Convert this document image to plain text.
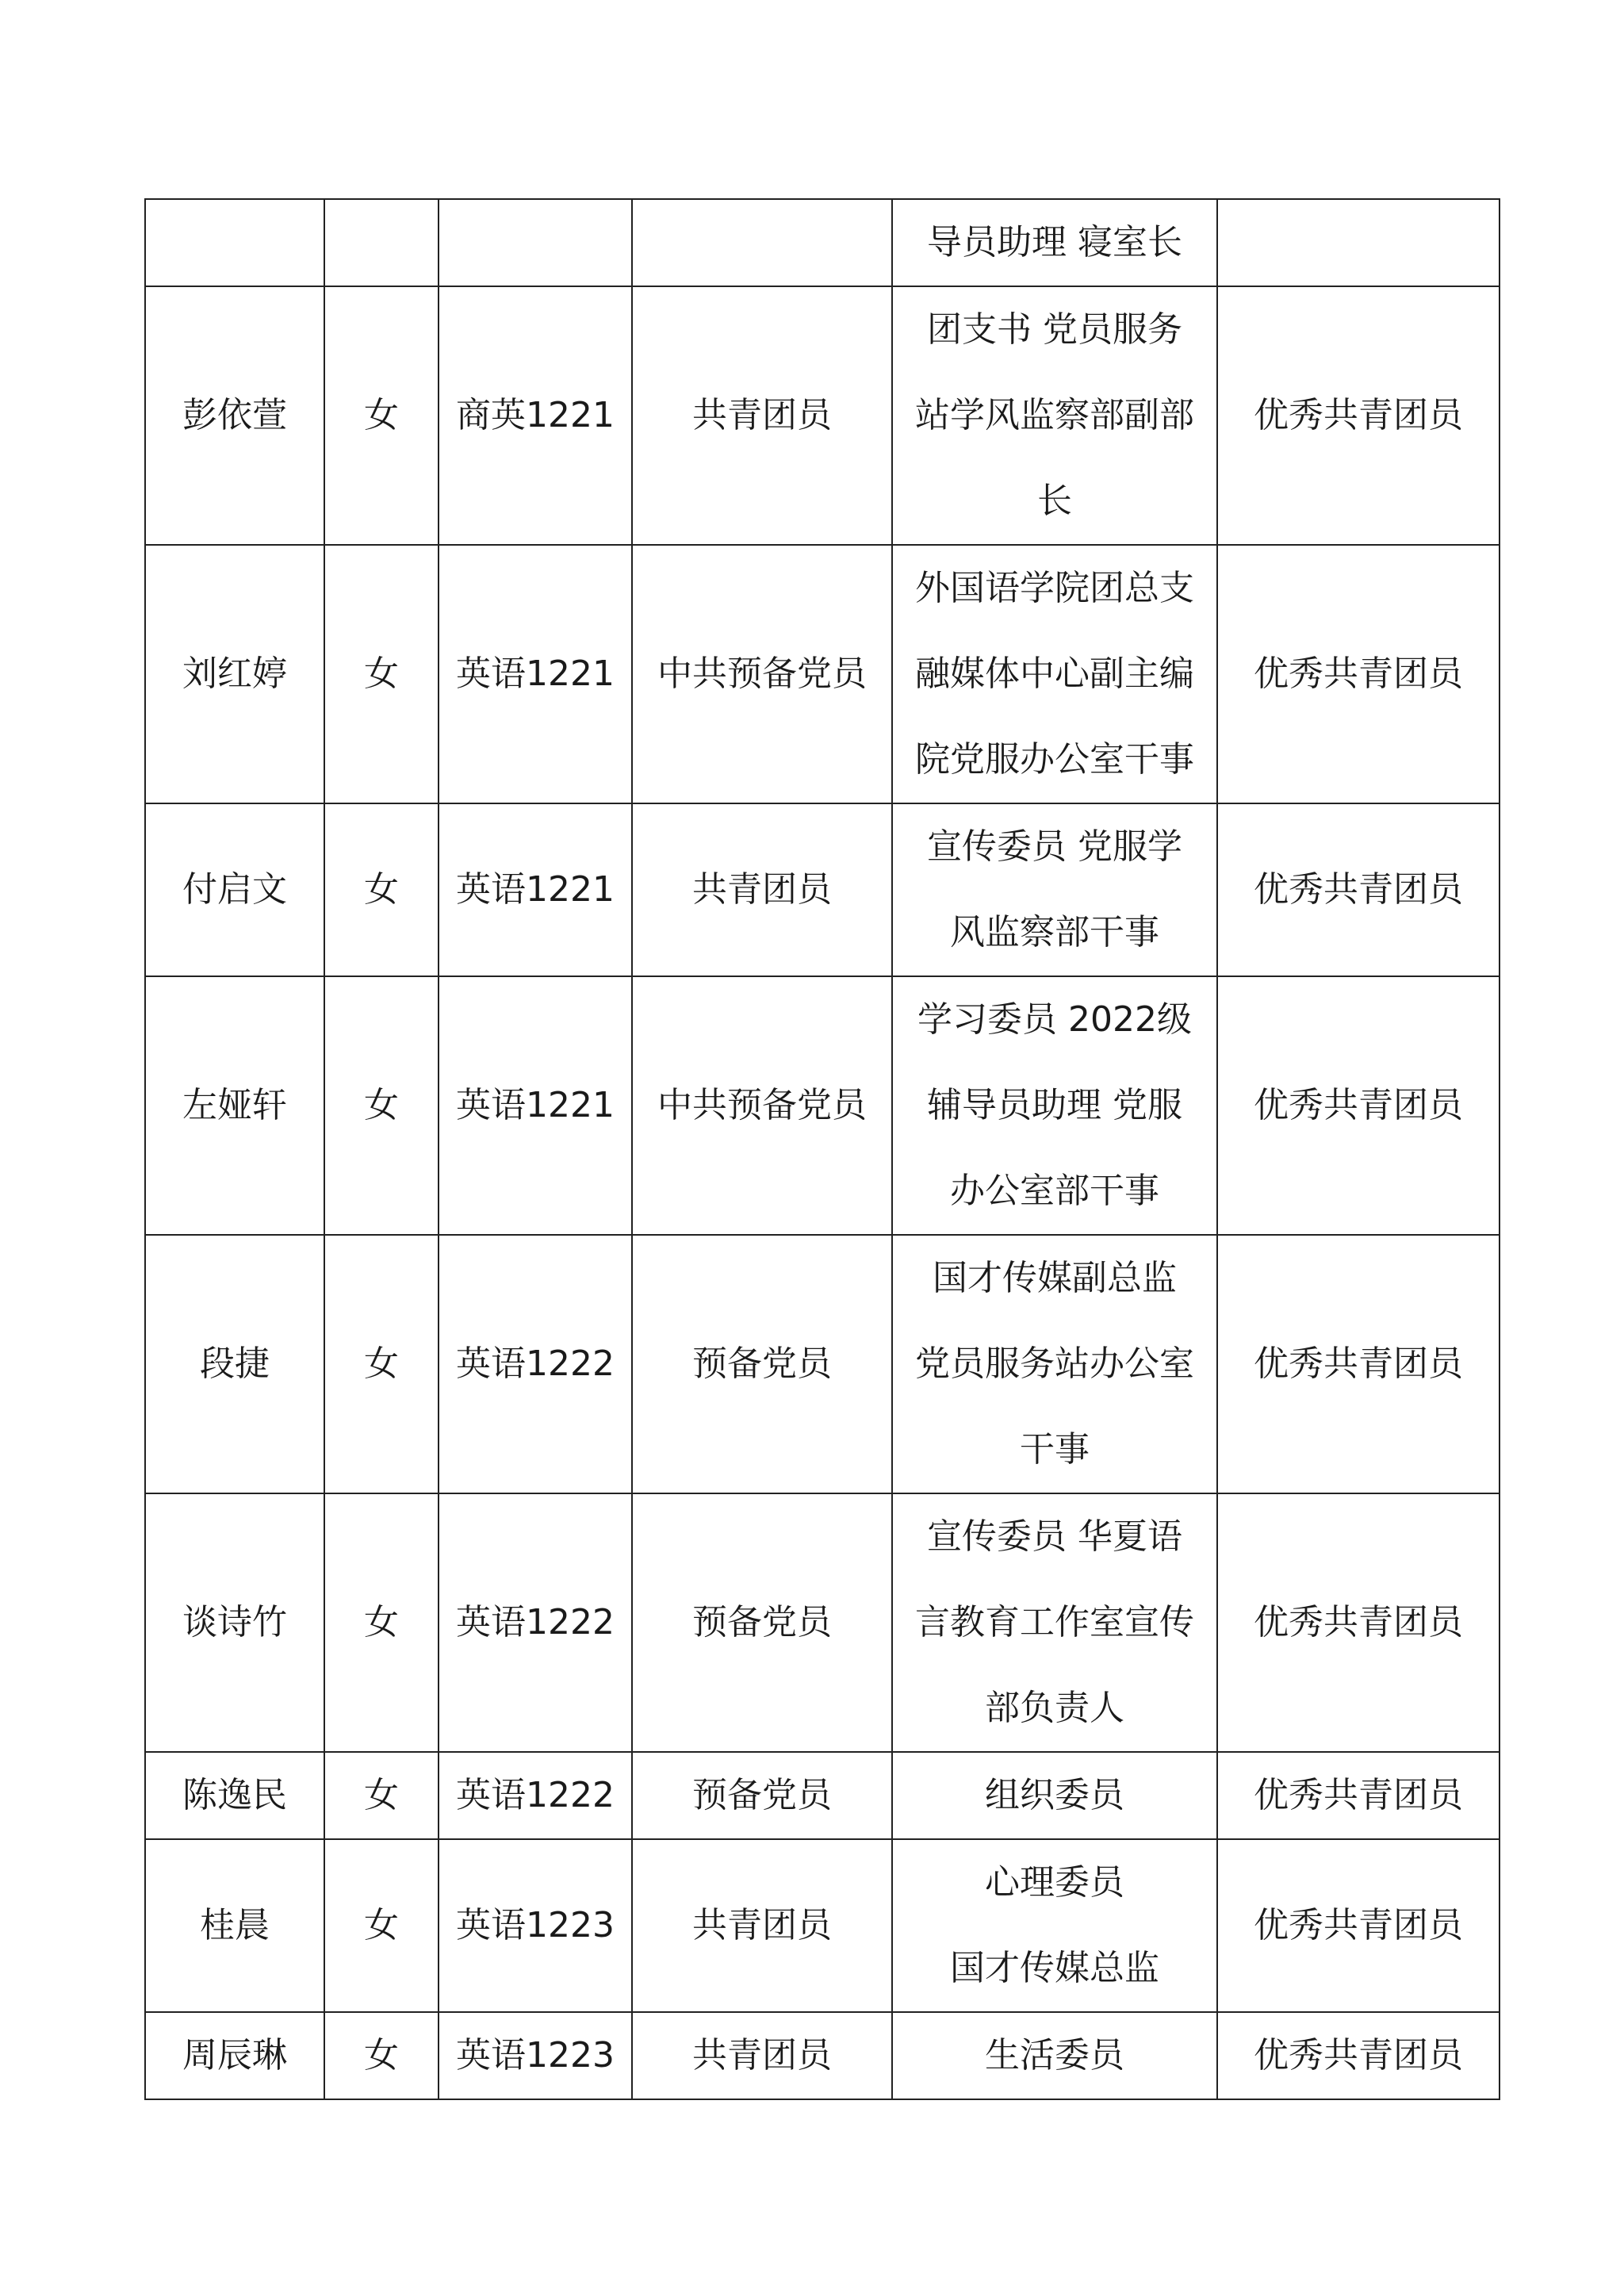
				导员助理 寝室长	

彭依萱	女	商英1221	共青团员	团支书 党员服务
站学风监察部副部
长	优秀共青团员
刘红婷	女	英语1221	中共预备党员	外国语学院团总支
融媒体中心副主编
院党服办公室干事	优秀共青团员
付启文	女	英语1221	共青团员	宣传委员 党服学
风监察部干事	优秀共青团员
左娅轩	女	英语1221	中共预备党员	学习委员 2022级
辅导员助理 党服
办公室部干事	优秀共青团员
段捷	女	英语1222	预备党员	国才传媒副总监
党员服务站办公室
干事	优秀共青团员
谈诗竹	女	英语1222	预备党员	宣传委员 华夏语
言教育工作室宣传
部负责人	优秀共青团员
陈逸民	女	英语1222	预备党员	组织委员	优秀共青团员
桂晨	女	英语1223	共青团员	心理委员
国才传媒总监	优秀共青团员
周辰琳	女	英语1223	共青团员	生活委员	优秀共青团员
